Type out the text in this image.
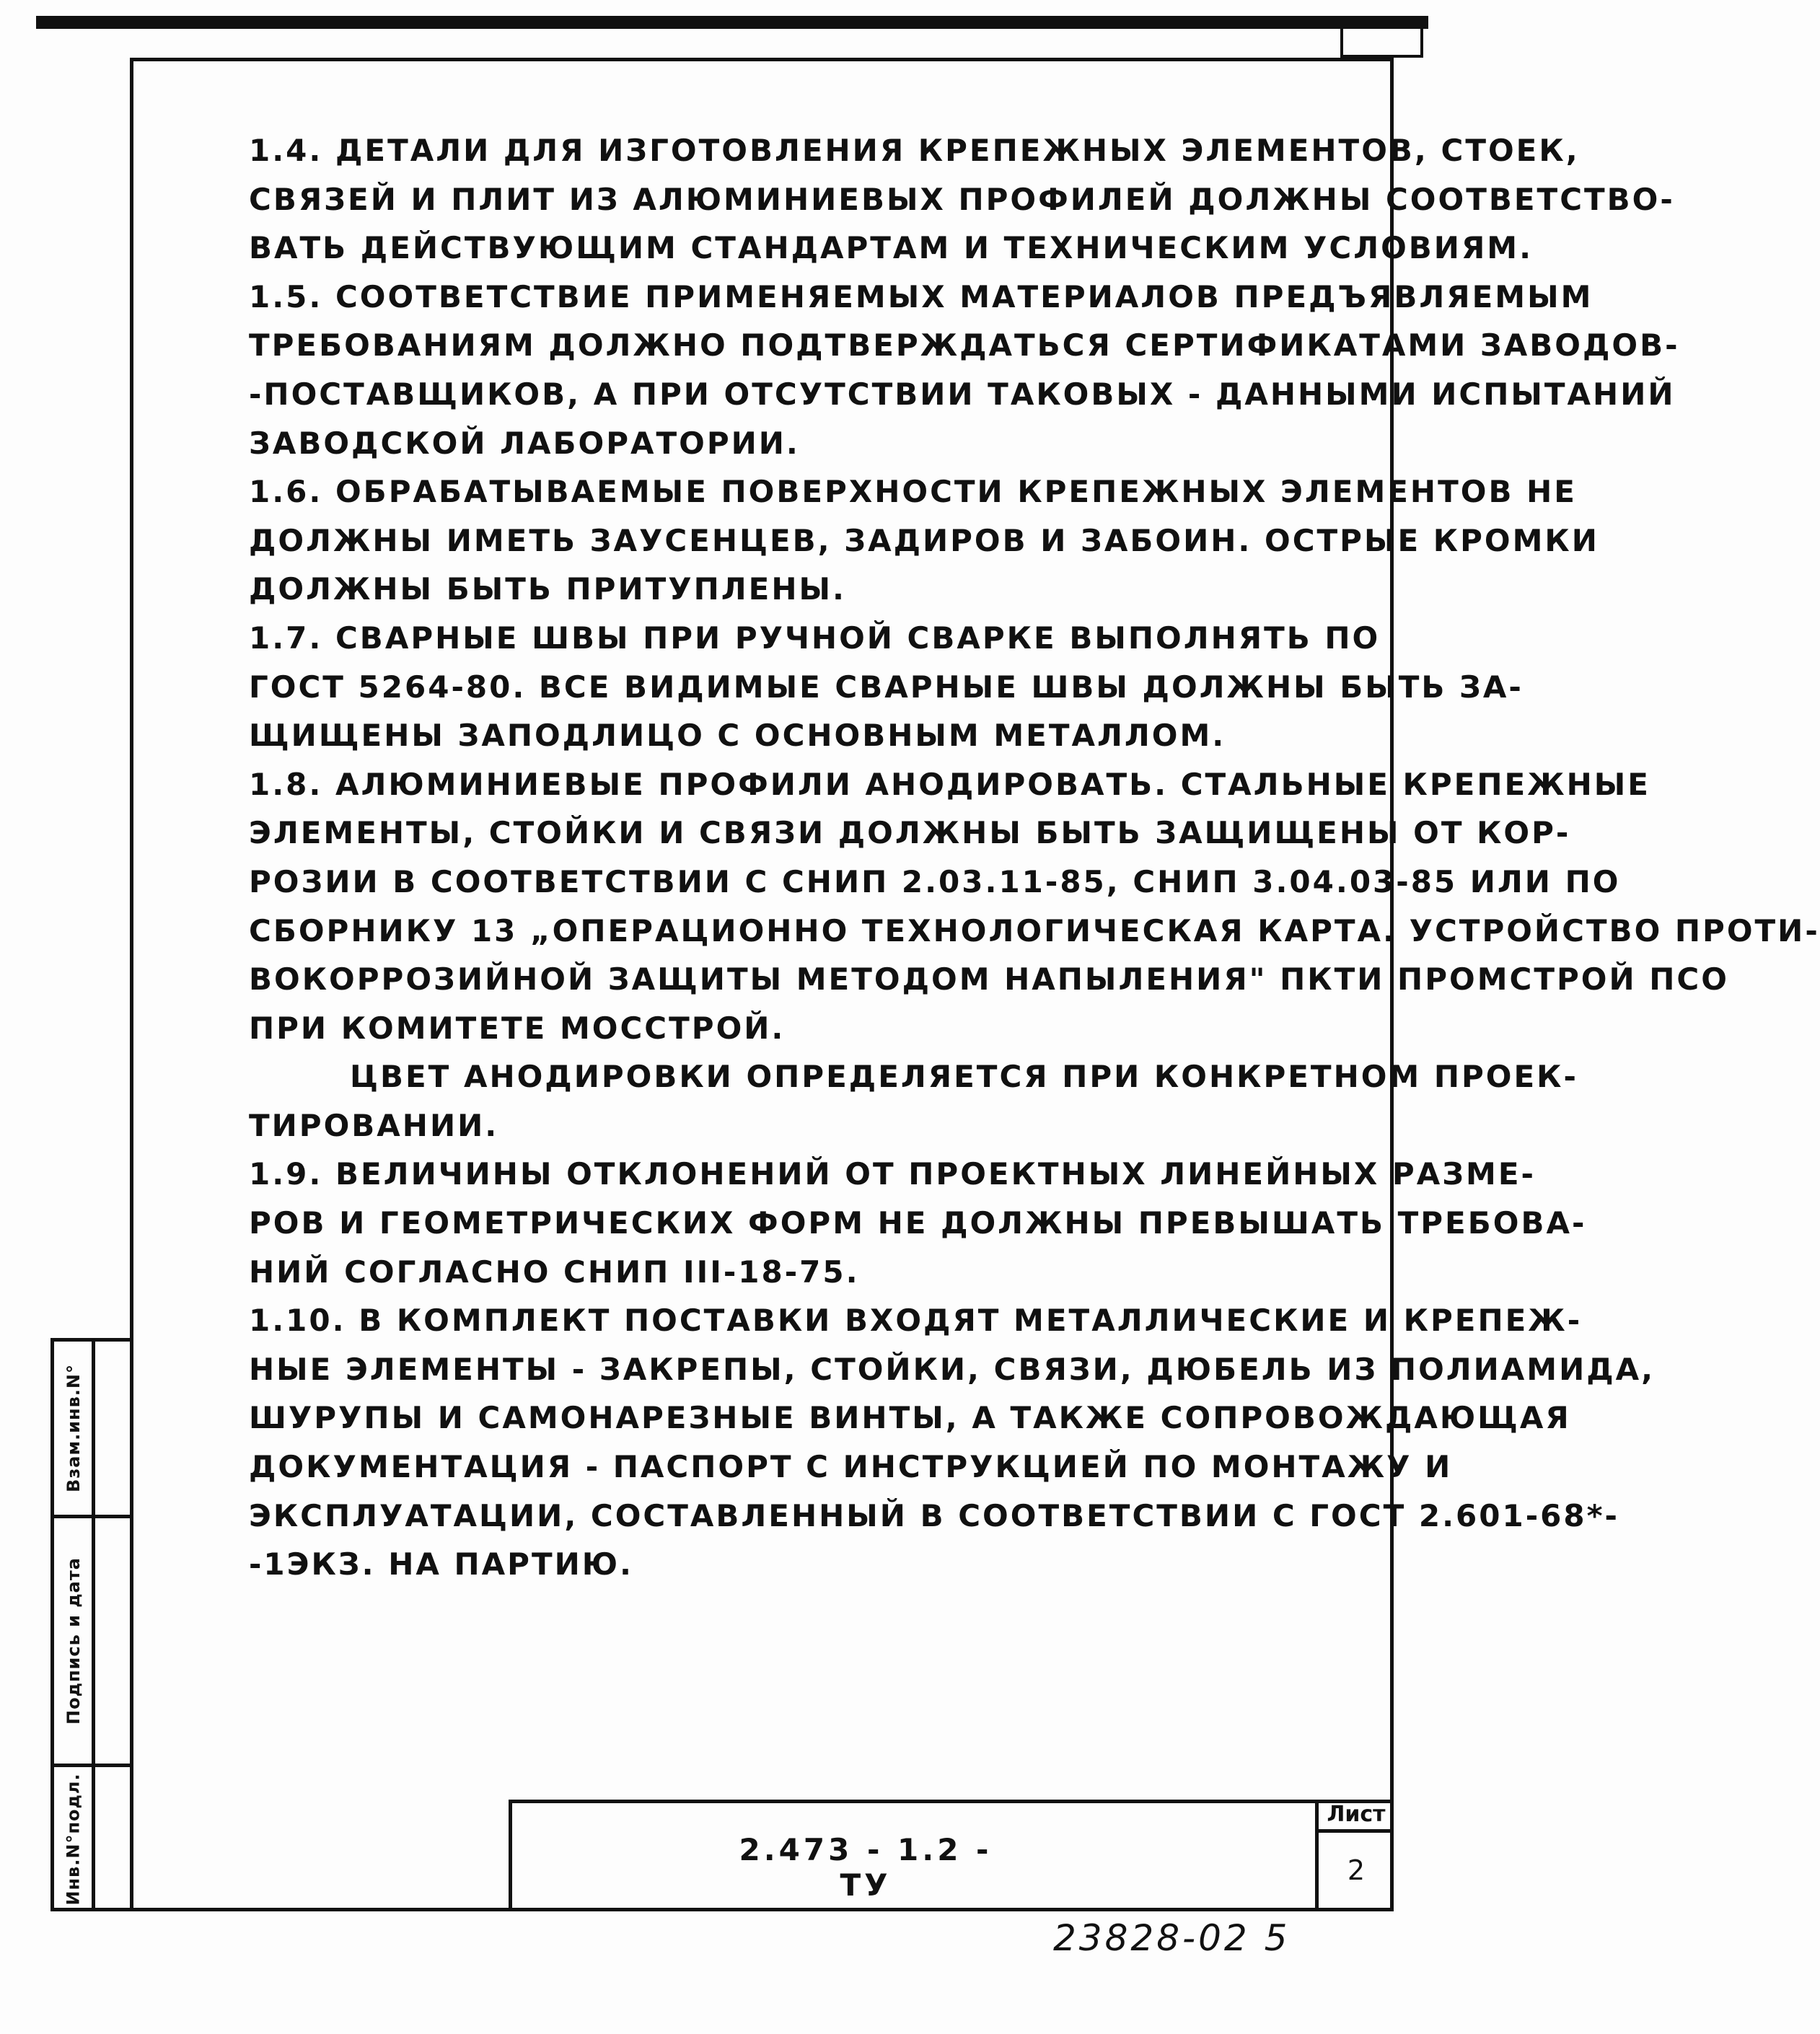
Взам.инв.N°
Подпись и дата
Инв.N°подл.
1.4. ДЕТАЛИ ДЛЯ ИЗГОТОВЛЕНИЯ КРЕПЕЖНЫХ ЭЛЕМЕНТОВ, СТОЕК,
СВЯЗЕЙ И ПЛИТ ИЗ АЛЮМИНИЕВЫХ ПРОФИЛЕЙ ДОЛЖНЫ СООТВЕТСТВО-
ВАТЬ ДЕЙСТВУЮЩИМ СТАНДАРТАМ И ТЕХНИЧЕСКИМ УСЛОВИЯМ.
1.5. СООТВЕТСТВИЕ ПРИМЕНЯЕМЫХ МАТЕРИАЛОВ ПРЕДЪЯВЛЯЕМЫМ
ТРЕБОВАНИЯМ ДОЛЖНО ПОДТВЕРЖДАТЬСЯ СЕРТИФИКАТАМИ ЗАВОДОВ-
-ПОСТАВЩИКОВ, А ПРИ ОТСУТСТВИИ ТАКОВЫХ - ДАННЫМИ ИСПЫТАНИЙ
ЗАВОДСКОЙ ЛАБОРАТОРИИ.
1.6. ОБРАБАТЫВАЕМЫЕ ПОВЕРХНОСТИ КРЕПЕЖНЫХ ЭЛЕМЕНТОВ НЕ
ДОЛЖНЫ ИМЕТЬ ЗАУСЕНЦЕВ, ЗАДИРОВ И ЗАБОИН. ОСТРЫЕ КРОМКИ
ДОЛЖНЫ БЫТЬ ПРИТУПЛЕНЫ.
1.7. СВАРНЫЕ ШВЫ ПРИ РУЧНОЙ СВАРКЕ ВЫПОЛНЯТЬ ПО
ГОСТ 5264-80. ВСЕ ВИДИМЫЕ СВАРНЫЕ ШВЫ ДОЛЖНЫ БЫТЬ ЗА-
ЩИЩЕНЫ ЗАПОДЛИЦО С ОСНОВНЫМ МЕТАЛЛОМ.
1.8. АЛЮМИНИЕВЫЕ ПРОФИЛИ АНОДИРОВАТЬ. СТАЛЬНЫЕ КРЕПЕЖНЫЕ
ЭЛЕМЕНТЫ, СТОЙКИ И СВЯЗИ ДОЛЖНЫ БЫТЬ ЗАЩИЩЕНЫ ОТ КОР-
РОЗИИ В СООТВЕТСТВИИ С СНИП 2.03.11-85, СНИП 3.04.03-85 ИЛИ ПО
СБОРНИКУ 13 „ОПЕРАЦИОННО ТЕХНОЛОГИЧЕСКАЯ КАРТА. УСТРОЙСТВО ПРОТИ-
ВОКОРРОЗИЙНОЙ ЗАЩИТЫ МЕТОДОМ НАПЫЛЕНИЯ" ПКТИ ПРОМСТРОЙ ПСО
ПРИ КОМИТЕТЕ МОССТРОЙ.
ЦВЕТ АНОДИРОВКИ ОПРЕДЕЛЯЕТСЯ ПРИ КОНКРЕТНОМ ПРОЕК-
ТИРОВАНИИ.
1.9. ВЕЛИЧИНЫ ОТКЛОНЕНИЙ ОТ ПРОЕКТНЫХ ЛИНЕЙНЫХ РАЗМЕ-
РОВ И ГЕОМЕТРИЧЕСКИХ ФОРМ НЕ ДОЛЖНЫ ПРЕВЫШАТЬ ТРЕБОВА-
НИЙ СОГЛАСНО СНИП III-18-75.
1.10. В КОМПЛЕКТ ПОСТАВКИ ВХОДЯТ МЕТАЛЛИЧЕСКИЕ И КРЕПЕЖ-
НЫЕ ЭЛЕМЕНТЫ - ЗАКРЕПЫ, СТОЙКИ, СВЯЗИ, ДЮБЕЛЬ ИЗ ПОЛИАМИДА,
ШУРУПЫ И САМОНАРЕЗНЫЕ ВИНТЫ, А ТАКЖЕ СОПРОВОЖДАЮЩАЯ
ДОКУМЕНТАЦИЯ - ПАСПОРТ С ИНСТРУКЦИЕЙ ПО МОНТАЖУ И
ЭКСПЛУАТАЦИИ, СОСТАВЛЕННЫЙ В СООТВЕТСТВИИ С ГОСТ 2.601-68*-
-1ЭКЗ. НА ПАРТИЮ.
2.473 - 1.2 - ТУ
Лист
2
23828-02 5
